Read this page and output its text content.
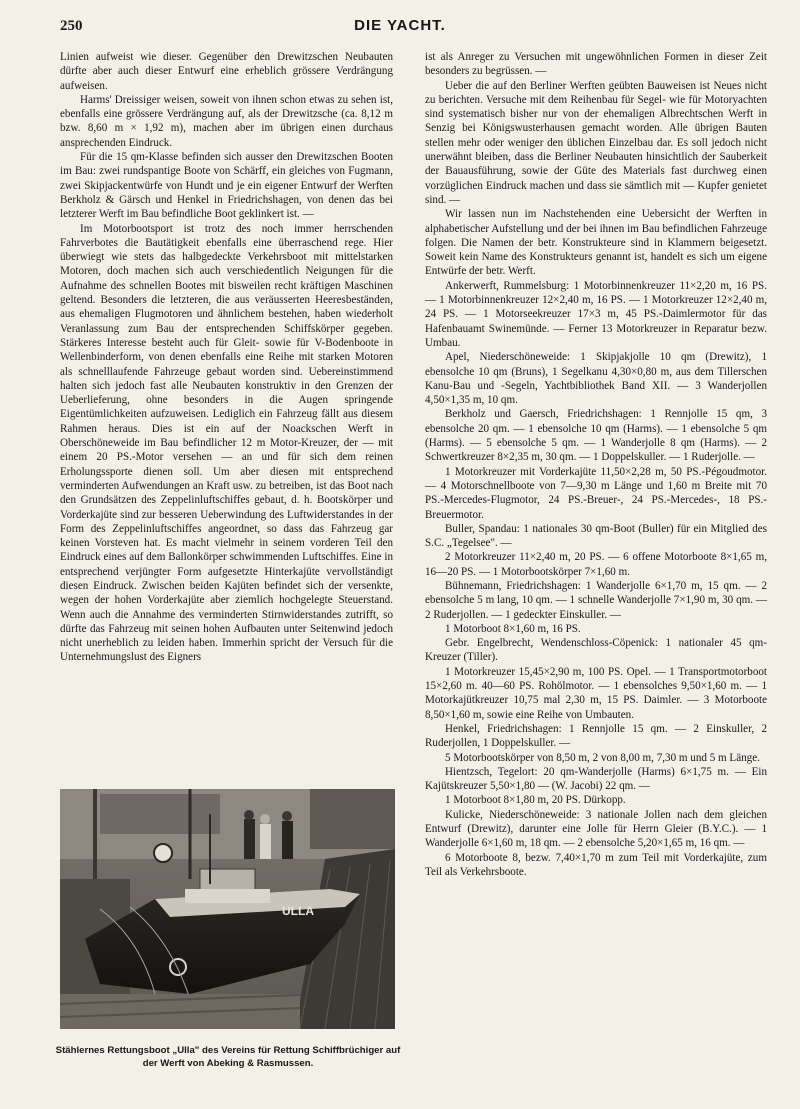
250	DIE YACHT.

Linien aufweist wie dieser. Gegenüber den Drewitzschen Neubauten dürfte aber auch dieser Entwurf eine erheblich grössere Verdrängung aufweisen.

Harms' Dreissiger weisen, soweit von ihnen schon etwas zu sehen ist, ebenfalls eine grössere Verdrängung auf, als der Drewitzsche (ca. 8,12 m bzw. 8,60 m × 1,92 m), machen aber im übrigen einen durchaus ansprechenden Eindruck.

Für die 15 qm-Klasse befinden sich ausser den Drewitzschen Booten im Bau: zwei rundspantige Boote von Schärff, ein gleiches von Fugmann, zwei Skipjackentwürfe von Hundt und je ein eigener Entwurf der Werften Berkholz & Gärsch und Henkel in Friedrichshagen, von denen das bei letzterer Werft im Bau befindliche Boot geklinkert ist. —

Im Motorbootsport ist trotz des noch immer herrschenden Fahrverbotes die Bautätigkeit ebenfalls eine überraschend rege. Hier überwiegt wie stets das halbgedeckte Verkehrsboot mit mittelstarken Motoren, doch machen sich auch verschiedentlich Neigungen für die Aufnahme des schnellen Bootes mit bisweilen recht kräftigen Maschinen geltend. Besonders die letzteren, die aus veräusserten Heeresbeständen, aus ehemaligen Flugmotoren und ähnlichem bestehen, haben wiederholt Veranlassung zum Bau der entsprechenden Schiffskörper gegeben. Stärkeres Interesse besteht auch für Gleit- sowie für V-Bodenboote in Wellenbinderform, von denen ebenfalls eine Reihe mit starken Motoren als schnelllaufende Fahrzeuge gebaut worden sind. Uebereinstimmend halten sich jedoch fast alle Neubauten konstruktiv in den Grenzen der Ueberlieferung, ohne besonders in die Augen springende Eigentümlichkeiten aufzuweisen. Lediglich ein Fahrzeug fällt aus diesem Rahmen heraus. Dies ist ein auf der Noackschen Werft in Oberschöneweide im Bau befindlicher 12 m Motor-Kreuzer, der — mit einem 20 PS.-Motor versehen — an und für sich dem reinen Erholungssporte dienen soll. Um aber diesen mit entsprechend verminderten Aufwendungen an Kraft usw. zu betreiben, ist das Boot nach den Grundsätzen des Zeppelinluftschiffes gebaut, d. h. Bootskörper und Vorderkajüte sind zur besseren Ueberwindung des Luftwiderstandes in der Form des Zeppelinluftschiffes angeordnet, so dass das Fahrzeug gar keinen Vorsteven hat. Es macht vielmehr in seinem vorderen Teil den Eindruck eines auf dem Ballonkörper schwimmenden Luftschiffes. Eine in entsprechend verjüngter Form aufgesetzte Hinterkajüte vervollständigt diesen Eindruck. Zwischen beiden Kajüten befindet sich der versenkte, wegen der hohen Vorderkajüte aber ziemlich hochgelegte Steuerstand. Wenn auch die Annahme des verminderten Stirnwiderstandes zutrifft, so dürfte das Fahrzeug mit seinen hohen Aufbauten unter Seitenwind jedoch nicht unerheblich zu leiden haben. Immerhin spricht der Versuch für die Unternehmungslust des Eigners

ULLA
Stählernes Rettungsboot „Ulla" des Vereins für Rettung Schiffbrüchiger auf der Werft von Abeking & Rasmussen.

ist als Anreger zu Versuchen mit ungewöhnlichen Formen in dieser Zeit besonders zu begrüssen. —

Ueber die auf den Berliner Werften geübten Bauweisen ist Neues nicht zu berichten. Versuche mit dem Reihenbau für Segel- wie für Motoryachten sind systematisch bisher nur von der ehemaligen Albrechtschen Werft in Senzig bei Königswusterhausen gemacht worden. Alle übrigen Bauten stellen mehr oder weniger den üblichen Einzelbau dar. Es soll jedoch nicht unerwähnt bleiben, dass die Berliner Neubauten hinsichtlich der Sauberkeit der Bauausführung, sowie der Güte des Materials fast durchweg einen vorzüglichen Eindruck machen und dass sie sämtlich mit — Kupfer genietet sind. —

Wir lassen nun im Nachstehenden eine Uebersicht der Werften in alphabetischer Aufstellung und der bei ihnen im Bau befindlichen Fahrzeuge folgen. Die Namen der betr. Konstrukteure sind in Klammern beigesetzt. Soweit kein Name des Konstrukteurs genannt ist, handelt es sich um eigene Entwürfe der betr. Werft.

Ankerwerft, Rummelsburg: 1 Motorbinnenkreuzer 11×2,20 m, 16 PS. — 1 Motorbinnenkreuzer 12×2,40 m, 16 PS. — 1 Motorkreuzer 12×2,40 m, 24 PS. — 1 Motorseekreuzer 17×3 m, 45 PS.-Daimlermotor für das Hafenbauamt Swinemünde. — Ferner 13 Motorkreuzer in Reparatur bezw. Umbau.

Apel, Niederschöneweide: 1 Skipjakjolle 10 qm (Drewitz), 1 ebensolche 10 qm (Bruns), 1 Segelkanu 4,30×0,80 m, aus dem Tillerschen Kanu-Bau und -Segeln, Yachtbibliothek Band XII. — 3 Wanderjollen 4,50×1,35 m, 10 qm.

Berkholz und Gaersch, Friedrichshagen: 1 Rennjolle 15 qm, 3 ebensolche 20 qm. — 1 ebensolche 10 qm (Harms). — 1 ebensolche 5 qm (Harms). — 5 ebensolche 5 qm. — 1 Wanderjolle 8 qm (Harms). — 2 Schwertkreuzer 8×2,35 m, 30 qm. — 1 Doppelskuller. — 1 Ruderjolle. —

1 Motorkreuzer mit Vorderkajüte 11,50×2,28 m, 50 PS.-Pégoudmotor. — 4 Motorschnellboote von 7—9,30 m Länge und 1,60 m Breite mit 70 PS.-Mercedes-Flugmotor, 24 PS.-Breuer-, 24 PS.-Mercedes-, 18 PS.-Breuermotor.

Buller, Spandau: 1 nationales 30 qm-Boot (Buller) für ein Mitglied des S.C. „Tegelsee". —

2 Motorkreuzer 11×2,40 m, 20 PS. — 6 offene Motorboote 8×1,65 m, 16—20 PS. — 1 Motorbootskörper 7×1,60 m.

Bühnemann, Friedrichshagen: 1 Wanderjolle 6×1,70 m, 15 qm. — 2 ebensolche 5 m lang, 10 qm. — 1 schnelle Wanderjolle 7×1,90 m, 30 qm. — 2 Ruderjollen. — 1 gedeckter Einskuller. —

1 Motorboot 8×1,60 m, 16 PS.

Gebr. Engelbrecht, Wendenschloss-Cöpenick: 1 nationaler 45 qm-Kreuzer (Tiller).

1 Motorkreuzer 15,45×2,90 m, 100 PS. Opel. — 1 Transportmotorboot 15×2,60 m. 40—60 PS. Rohölmotor. — 1 ebensolches 9,50×1,60 m. — 1 Motorkajütkreuzer 10,75 mal 2,30 m, 15 PS. Daimler. — 3 Motorboote 8,50×1,60 m, sowie eine Reihe von Umbauten.

Henkel, Friedrichshagen: 1 Rennjolle 15 qm. — 2 Einskuller, 2 Ruderjollen, 1 Doppelskuller. —

5 Motorbootskörper von 8,50 m, 2 von 8,00 m, 7,30 m und 5 m Länge.

Hientzsch, Tegelort: 20 qm-Wanderjolle (Harms) 6×1,75 m. — Ein Kajütskreuzer 5,50×1,80 — (W. Jacobi) 22 qm. —

1 Motorboot 8×1,80 m, 20 PS. Dürkopp.

Kulicke, Niederschöneweide: 3 nationale Jollen nach dem gleichen Entwurf (Drewitz), darunter eine Jolle für Herrn Gleier (B.Y.C.). — 1 Wanderjolle 6×1,60 m, 18 qm. — 2 ebensolche 5,20×1,65 m, 16 qm. —

6 Motorboote 8, bezw. 7,40×1,70 m zum Teil mit Vorderkajüte, zum Teil als Verkehrsboote.
